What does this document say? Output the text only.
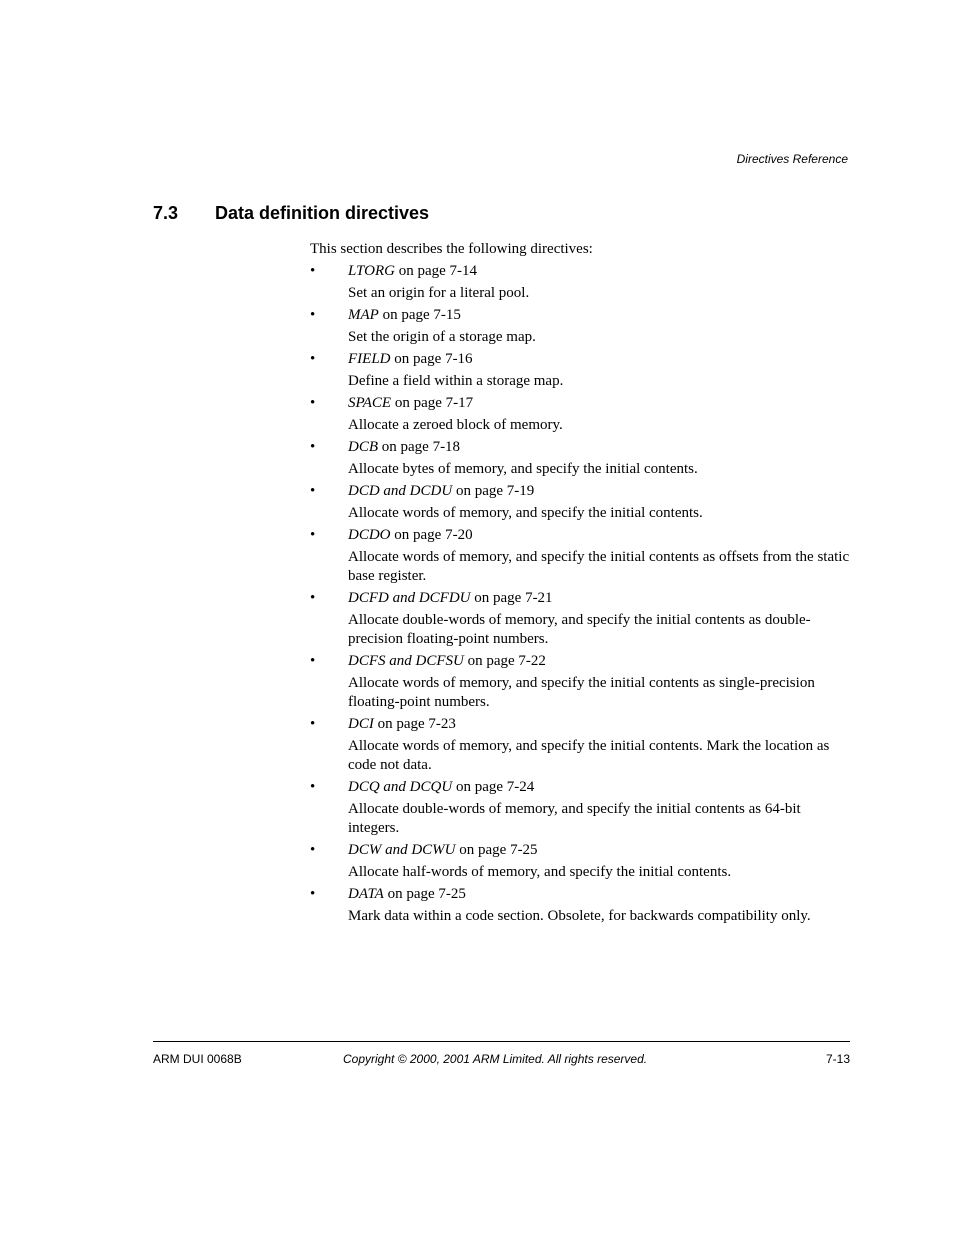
Directives Reference
7.3	Data definition directives
This section describes the following directives:
•	LTORG on page 7-14
Set an origin for a literal pool.
•	MAP on page 7-15
Set the origin of a storage map.
•	FIELD on page 7-16
Define a field within a storage map.
•	SPACE on page 7-17
Allocate a zeroed block of memory.
•	DCB on page 7-18
Allocate bytes of memory, and specify the initial contents.
•	DCD and DCDU on page 7-19
Allocate words of memory, and specify the initial contents.
•	DCDO on page 7-20
Allocate words of memory, and specify the initial contents as offsets from the static base register.
•	DCFD and DCFDU on page 7-21
Allocate double-words of memory, and specify the initial contents as double-precision floating-point numbers.
•	DCFS and DCFSU on page 7-22
Allocate words of memory, and specify the initial contents as single-precision floating-point numbers.
•	DCI on page 7-23
Allocate words of memory, and specify the initial contents. Mark the location as code not data.
•	DCQ and DCQU on page 7-24
Allocate double-words of memory, and specify the initial contents as 64-bit integers.
•	DCW and DCWU on page 7-25
Allocate half-words of memory, and specify the initial contents.
•	DATA on page 7-25
Mark data within a code section. Obsolete, for backwards compatibility only.
ARM DUI 0068B	Copyright © 2000, 2001 ARM Limited. All rights reserved.	7-13
